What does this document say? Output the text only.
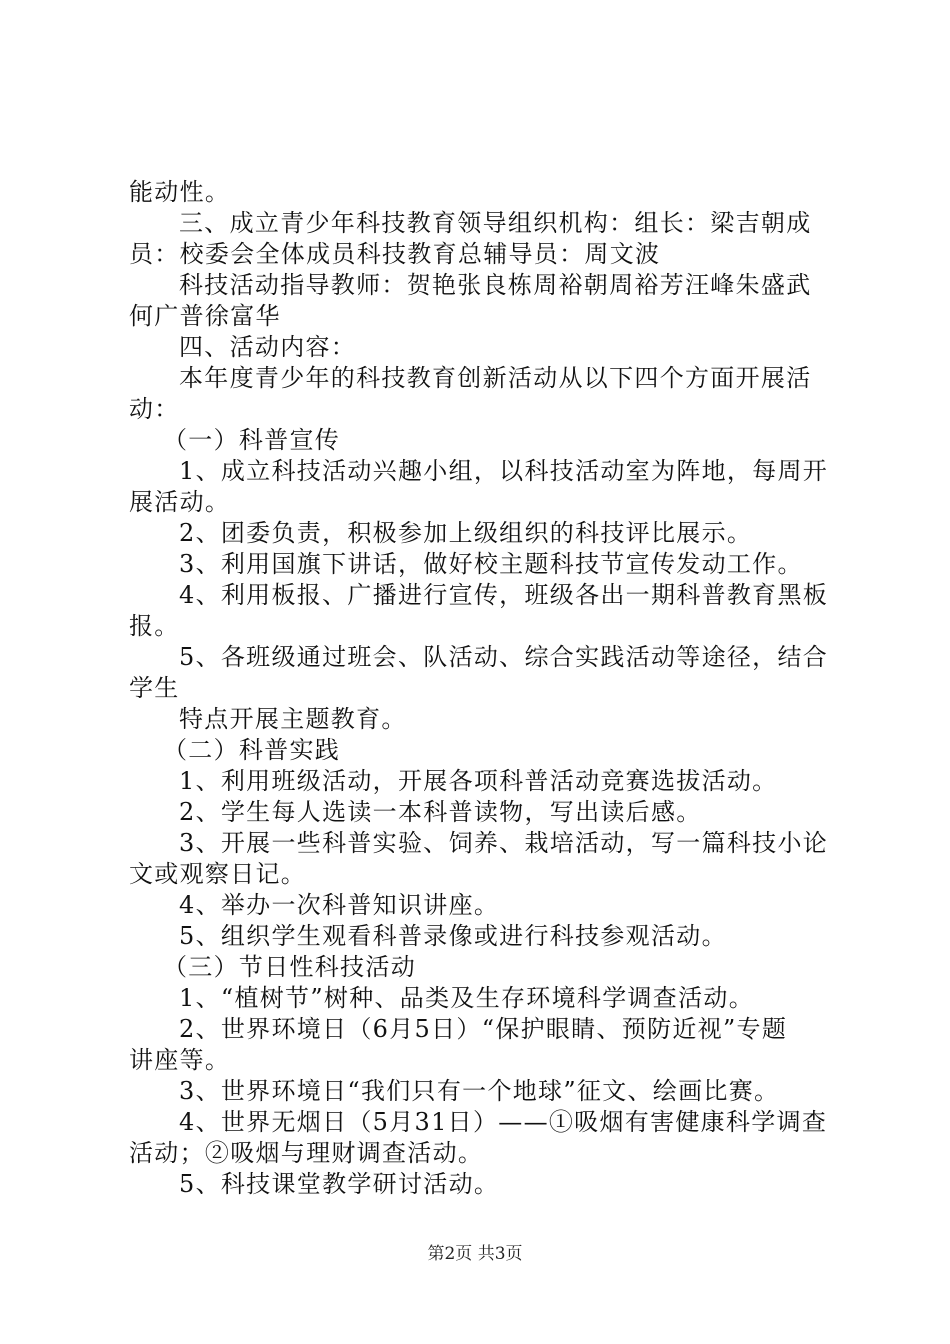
能动性。
三、成立青少年科技教育领导组织机构：组长：梁吉朝成
员：校委会全体成员科技教育总辅导员：周文波
科技活动指导教师：贺艳张良栋周裕朝周裕芳汪峰朱盛武
何广普徐富华
四、活动内容：
本年度青少年的科技教育创新活动从以下四个方面开展活
动：
（一）科普宣传
1、成立科技活动兴趣小组，以科技活动室为阵地，每周开
展活动。
2、团委负责，积极参加上级组织的科技评比展示。
3、利用国旗下讲话，做好校主题科技节宣传发动工作。
4、利用板报、广播进行宣传，班级各出一期科普教育黑板
报。
5、各班级通过班会、队活动、综合实践活动等途径，结合
学生
特点开展主题教育。
（二）科普实践
1、利用班级活动，开展各项科普活动竞赛选拔活动。
2、学生每人选读一本科普读物，写出读后感。
3、开展一些科普实验、饲养、栽培活动，写一篇科技小论
文或观察日记。
4、举办一次科普知识讲座。
5、组织学生观看科普录像或进行科技参观活动。
（三）节日性科技活动
1、“植树节”树种、品类及生存环境科学调查活动。
2、世界环境日（6月5日）“保护眼睛、预防近视”专题
讲座等。
3、世界环境日“我们只有一个地球”征文、绘画比赛。
4、世界无烟日（5月31日）——①吸烟有害健康科学调查
活动；②吸烟与理财调查活动。
5、科技课堂教学研讨活动。
第2页 共3页
